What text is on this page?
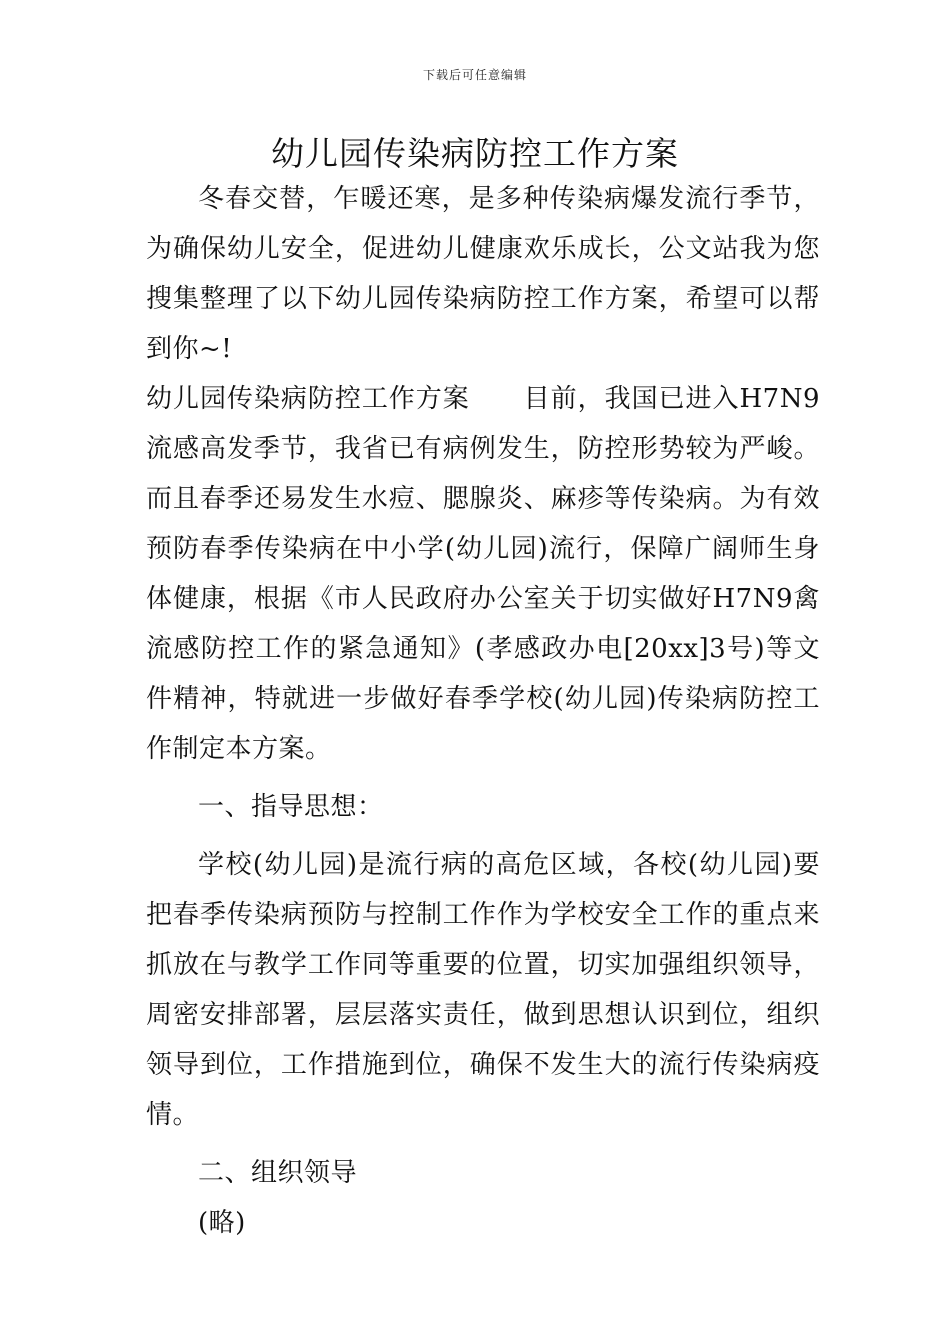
下载后可任意编辑
幼儿园传染病防控工作方案

冬春交替，乍暖还寒，是多种传染病爆发流行季节，为确保幼儿安全，促进幼儿健康欢乐成长，公文站我为您搜集整理了以下幼儿园传染病防控工作方案，希望可以帮到你~!

幼儿园传染病防控工作方案　　目前，我国已进入H7N9流感高发季节，我省已有病例发生，防控形势较为严峻。而且春季还易发生水痘、腮腺炎、麻疹等传染病。为有效预防春季传染病在中小学(幼儿园)流行，保障广阔师生身体健康，根据《市人民政府办公室关于切实做好H7N9禽流感防控工作的紧急通知》(孝感政办电[20xx]3号)等文件精神，特就进一步做好春季学校(幼儿园)传染病防控工作制定本方案。

一、指导思想：

学校(幼儿园)是流行病的高危区域，各校(幼儿园)要把春季传染病预防与控制工作作为学校安全工作的重点来抓放在与教学工作同等重要的位置，切实加强组织领导，周密安排部署，层层落实责任，做到思想认识到位，组织领导到位，工作措施到位，确保不发生大的流行传染病疫情。

二、组织领导

(略)
